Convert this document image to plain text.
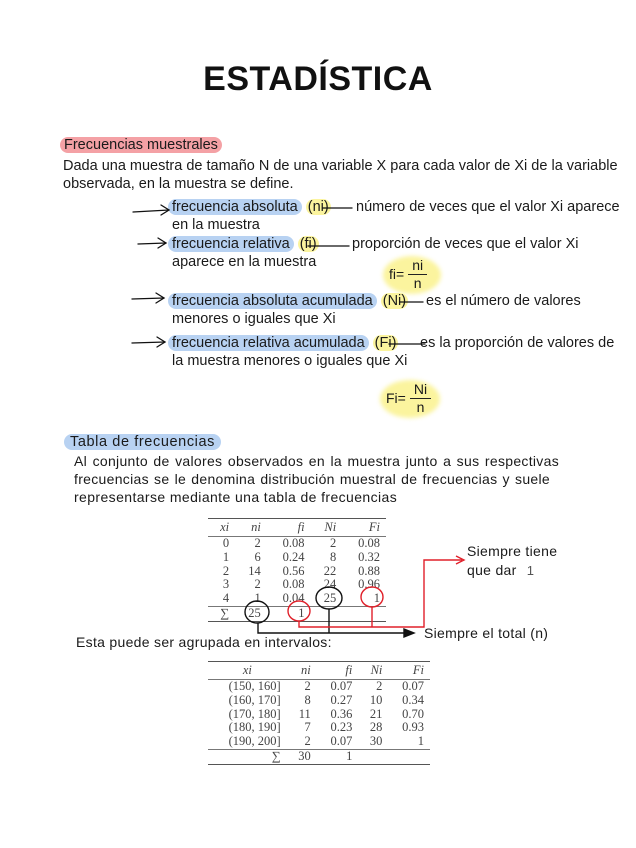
ESTADÍSTICA
Frecuencias muestrales
Dada una muestra de tamaño N de una variable X para cada valor de Xi de la variable
observada, en la muestra se define.
frecuencia absoluta (ni) número de veces que el valor Xi aparece
en la muestra
frecuencia relativa (fi) proporción de veces que el valor Xi
aparece en la muestra
$fi= \frac{ni}{n}$
frecuencia absoluta acumulada (Ni) es el número de valores
menores o iguales que Xi
frecuencia relativa acumulada (Fi) es la proporción de valores de
la muestra menores o iguales que Xi
$Fi= \frac{Ni}{n}$
Tabla de frecuencias
Al conjunto de valores observados en la muestra junto a sus respectivas
frecuencias se le denomina distribución muestral de frecuencias y suele
representarse mediante una tabla de frecuencias
xi	ni	fi	Ni	Fi
0	2	0.08	2	0.08
1	6	0.24	8	0.32
2	14	0.56	22	0.88
3	2	0.08	24	0.96
4	1	0.04	25	1
∑	25	1		
Siempre tiene
que dar 1
Siempre el total (n)
Esta puede ser agrupada en intervalos:
xi	ni	fi	Ni	Fi
(150, 160]	2	0.07	2	0.07
(160, 170]	8	0.27	10	0.34
(170, 180]	11	0.36	21	0.70
(180, 190]	7	0.23	28	0.93
(190, 200]	2	0.07	30	1
∑	30	1		
